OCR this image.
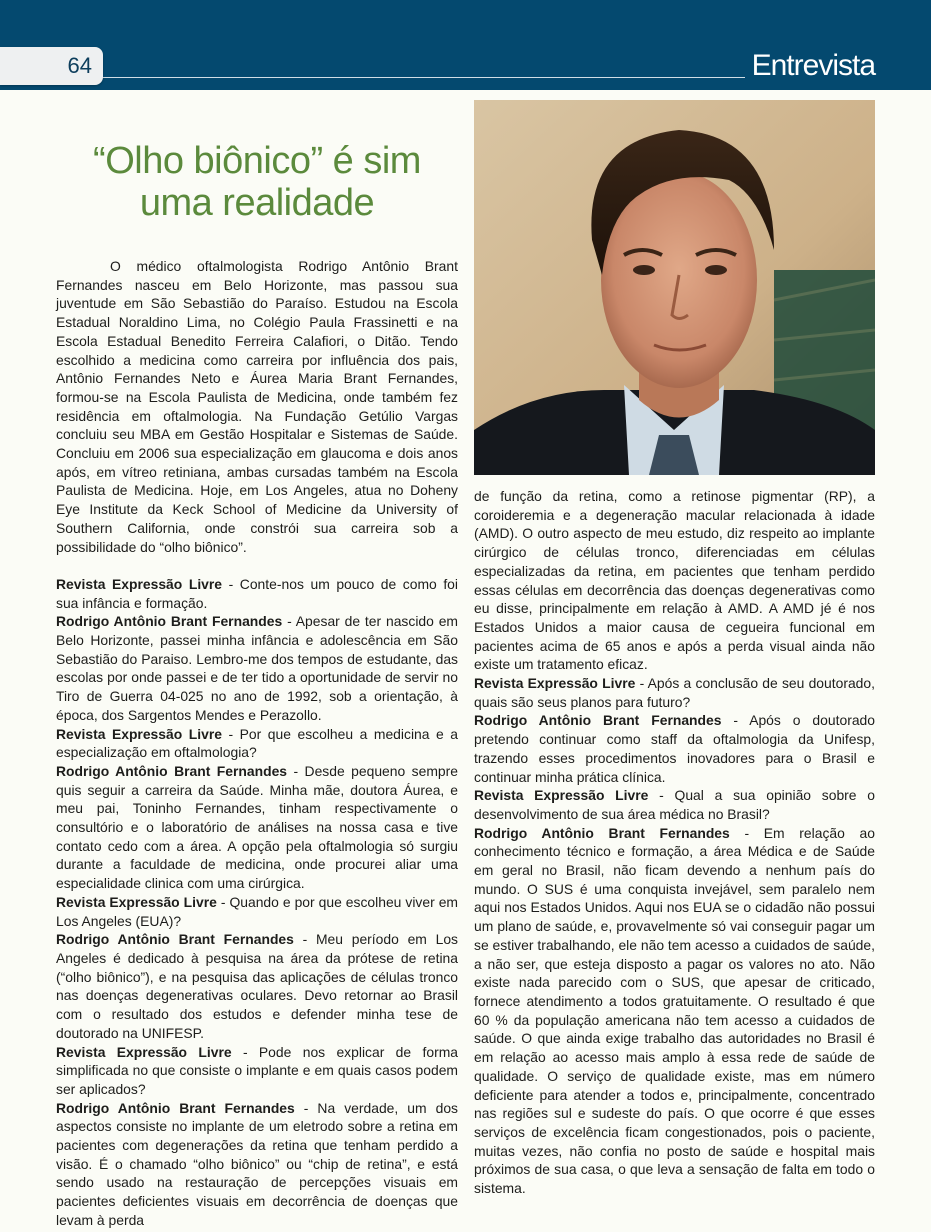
64	Entrevista
“Olho biônico” é sim
uma realidade

O médico oftalmologista Rodrigo Antônio Brant Fernandes nasceu em Belo Horizonte, mas passou sua juventude em São Sebastião do Paraíso. Estudou na Escola Estadual Noraldino Lima, no Colégio Paula Frassinetti e na Escola Estadual Benedito Ferreira Calafiori, o Ditão. Tendo escolhido a medicina como carreira por influência dos pais, Antônio Fernandes Neto e Áurea Maria Brant Fernandes, formou-se na Escola Paulista de Medicina, onde também fez residência em oftalmologia. Na Fundação Getúlio Vargas concluiu seu MBA em Gestão Hospitalar e Sistemas de Saúde. Concluiu em 2006 sua especialização em glaucoma e dois anos após, em vítreo retiniana, ambas cursadas também na Escola Paulista de Medicina. Hoje, em Los Angeles, atua no Doheny Eye Institute da Keck School of Medicine da University of Southern California, onde constrói sua carreira sob a possibilidade do “olho biônico”.

Revista Expressão Livre - Conte-nos um pouco de como foi sua infância e formação.

Rodrigo Antônio Brant Fernandes - Apesar de ter nascido em Belo Horizonte, passei minha infância e adolescência em São Sebastião do Paraiso. Lembro-me dos tempos de estudante, das escolas por onde passei e de ter tido a oportunidade de servir no Tiro de Guerra 04-025 no ano de 1992, sob a orientação, à época, dos Sargentos Mendes e Perazollo.

Revista Expressão Livre - Por que escolheu a medicina e a especialização em oftalmologia?

Rodrigo Antônio Brant Fernandes - Desde pequeno sempre quis seguir a carreira da Saúde. Minha mãe, doutora Áurea, e meu pai, Toninho Fernandes, tinham respectivamente o consultório e o laboratório de análises na nossa casa e tive contato cedo com a área. A opção pela oftalmologia só surgiu durante a faculdade de medicina, onde procurei aliar uma especialidade clinica com uma cirúrgica.

Revista Expressão Livre - Quando e por que escolheu viver em Los Angeles (EUA)?

Rodrigo Antônio Brant Fernandes - Meu período em Los Angeles é dedicado à pesquisa na área da prótese de retina (“olho biônico”), e na pesquisa das aplicações de células tronco nas doenças degenerativas oculares. Devo retornar ao Brasil com o resultado dos estudos e defender minha tese de doutorado na UNIFESP.

Revista Expressão Livre - Pode nos explicar de forma simplificada no que consiste o implante e em quais casos podem ser aplicados?

Rodrigo Antônio Brant Fernandes - Na verdade, um dos aspectos consiste no implante de um eletrodo sobre a retina em pacientes com degenerações da retina que tenham perdido a visão. É o chamado “olho biônico” ou “chip de retina”, e está sendo usado na restauração de percepções visuais em pacientes deficientes visuais em decorrência de doenças que levam à perda

de função da retina, como a retinose pigmentar (RP), a coroideremia e a degeneração macular relacionada à idade (AMD). O outro aspecto de meu estudo, diz respeito ao implante cirúrgico de células tronco, diferenciadas em células especializadas da retina, em pacientes que tenham perdido essas células em decorrência das doenças degenerativas como eu disse, principalmente em relação à AMD. A AMD jé é nos Estados Unidos a maior causa de cegueira funcional em pacientes acima de 65 anos e após a perda visual ainda não existe um tratamento eficaz.

Revista Expressão Livre - Após a conclusão de seu doutorado, quais são seus planos para futuro?

Rodrigo Antônio Brant Fernandes - Após o doutorado pretendo continuar como staff da oftalmologia da Unifesp, trazendo esses procedimentos inovadores para o Brasil e continuar minha prática clínica.

Revista Expressão Livre - Qual a sua opinião sobre o desenvolvimento de sua área médica no Brasil?

Rodrigo Antônio Brant Fernandes - Em relação ao conhecimento técnico e formação, a área Médica e de Saúde em geral no Brasil, não ficam devendo a nenhum país do mundo. O SUS é uma conquista invejável, sem paralelo nem aqui nos Estados Unidos. Aqui nos EUA se o cidadão não possui um plano de saúde, e, provavelmente só vai conseguir pagar um se estiver trabalhando, ele não tem acesso a cuidados de saúde, a não ser, que esteja disposto a pagar os valores no ato. Não existe nada parecido com o SUS, que apesar de criticado, fornece atendimento a todos gratuitamente. O resultado é que 60 % da população americana não tem acesso a cuidados de saúde. O que ainda exige trabalho das autoridades no Brasil é em relação ao acesso mais amplo à essa rede de saúde de qualidade. O serviço de qualidade existe, mas em número deficiente para atender a todos e, principalmente, concentrado nas regiões sul e sudeste do país. O que ocorre é que esses serviços de excelência ficam congestionados, pois o paciente, muitas vezes, não confia no posto de saúde e hospital mais próximos de sua casa, o que leva a sensação de falta em todo o sistema.
